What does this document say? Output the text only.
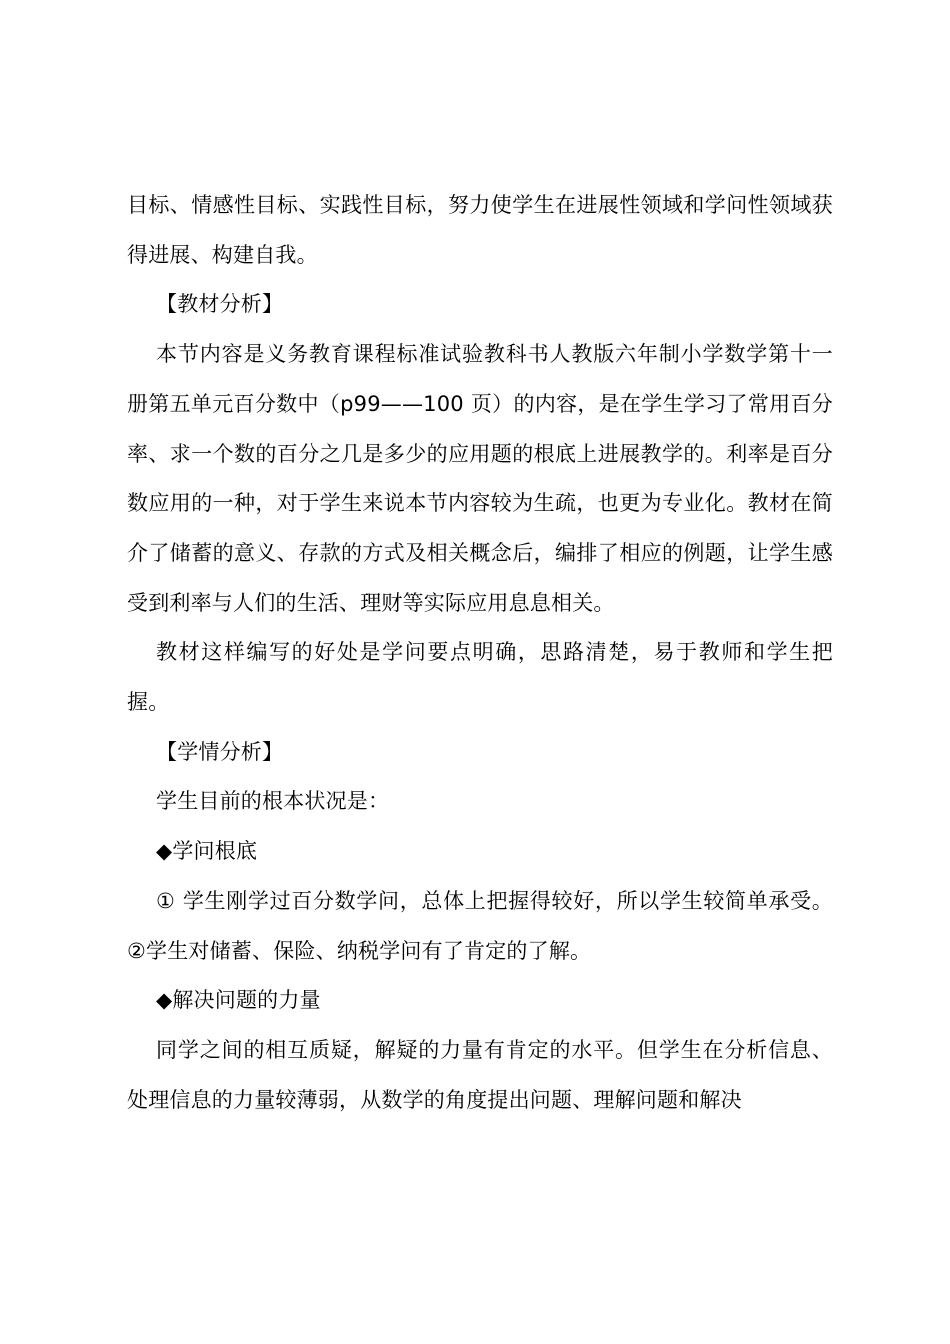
目标、情感性目标、实践性目标，努力使学生在进展性领域和学问性领域获得进展、构建自我。

【教材分析】

本节内容是义务教育课程标准试验教科书人教版六年制小学数学第十一册第五单元百分数中（p99——100 页）的内容，是在学生学习了常用百分率、求一个数的百分之几是多少的应用题的根底上进展教学的。利率是百分数应用的一种，对于学生来说本节内容较为生疏，也更为专业化。教材在简介了储蓄的意义、存款的方式及相关概念后，编排了相应的例题，让学生感受到利率与人们的生活、理财等实际应用息息相关。

教材这样编写的好处是学问要点明确，思路清楚，易于教师和学生把握。

【学情分析】

学生目前的根本状况是：

◆学问根底

① 学生刚学过百分数学问，总体上把握得较好，所以学生较简单承受。 ②学生对储蓄、保险、纳税学问有了肯定的了解。

◆解决问题的力量

同学之间的相互质疑，解疑的力量有肯定的水平。但学生在分析信息、处理信息的力量较薄弱，从数学的角度提出问题、理解问题和解决
